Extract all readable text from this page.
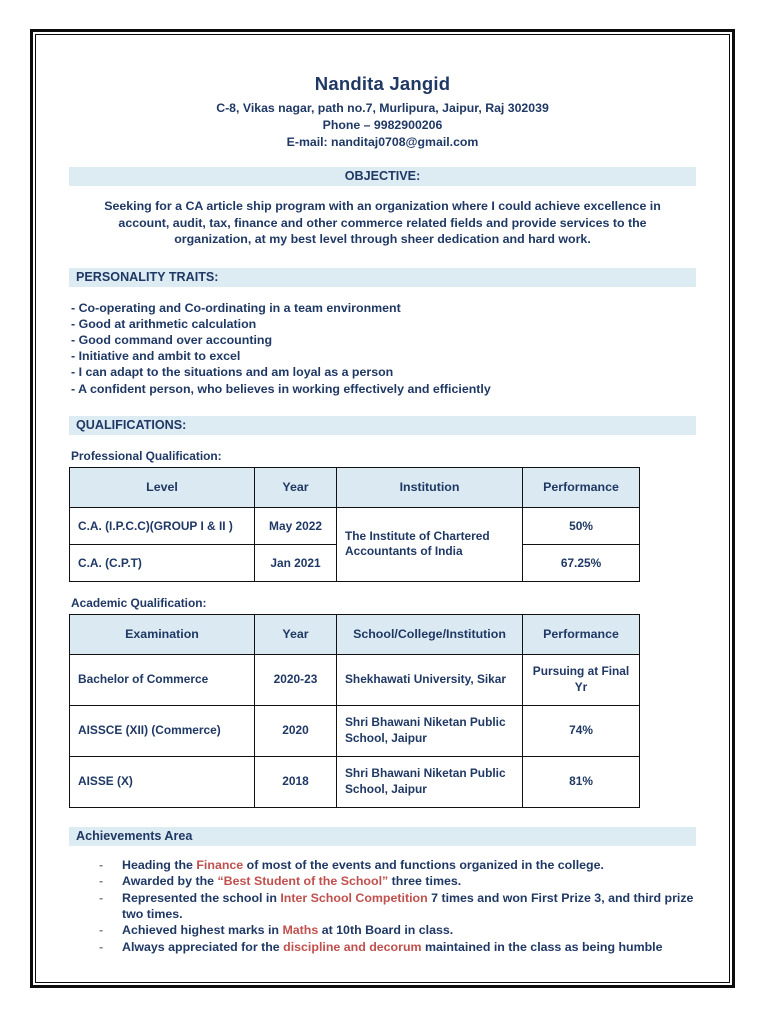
Nandita Jangid
C-8, Vikas nagar, path no.7, Murlipura, Jaipur, Raj 302039
Phone – 9982900206
E-mail: nanditaj0708@gmail.com
OBJECTIVE:
Seeking for a CA article ship program with an organization where I could achieve excellence in account, audit, tax, finance and other commerce related fields and provide services to the organization, at my best level through sheer dedication and hard work.
PERSONALITY TRAITS:
- Co-operating and Co-ordinating in a team environment
- Good at arithmetic calculation
- Good command over accounting
- Initiative and ambit to excel
- I can adapt to the situations and am loyal as a person
- A confident person, who believes in working effectively and efficiently
QUALIFICATIONS:
Professional Qualification:
Level	Year	Institution	Performance
C.A. (I.P.C.C)(GROUP I & II )	May 2022	The Institute of Chartered Accountants of India	50%
C.A. (C.P.T)	Jan 2021		67.25%
Academic Qualification:
Examination	Year	School/College/Institution	Performance
Bachelor of Commerce	2020-23	Shekhawati University, Sikar	Pursuing at Final Yr
AISSCE (XII) (Commerce)	2020	Shri Bhawani Niketan Public School, Jaipur	74%
AISSE (X)	2018	Shri Bhawani Niketan Public School, Jaipur	81%
Achievements Area
- Heading the Finance of most of the events and functions organized in the college.
- Awarded by the “Best Student of the School” three times.
- Represented the school in Inter School Competition 7 times and won First Prize 3, and third prize two times.
- Achieved highest marks in Maths at 10th Board in class.
- Always appreciated for the discipline and decorum maintained in the class as being humble
